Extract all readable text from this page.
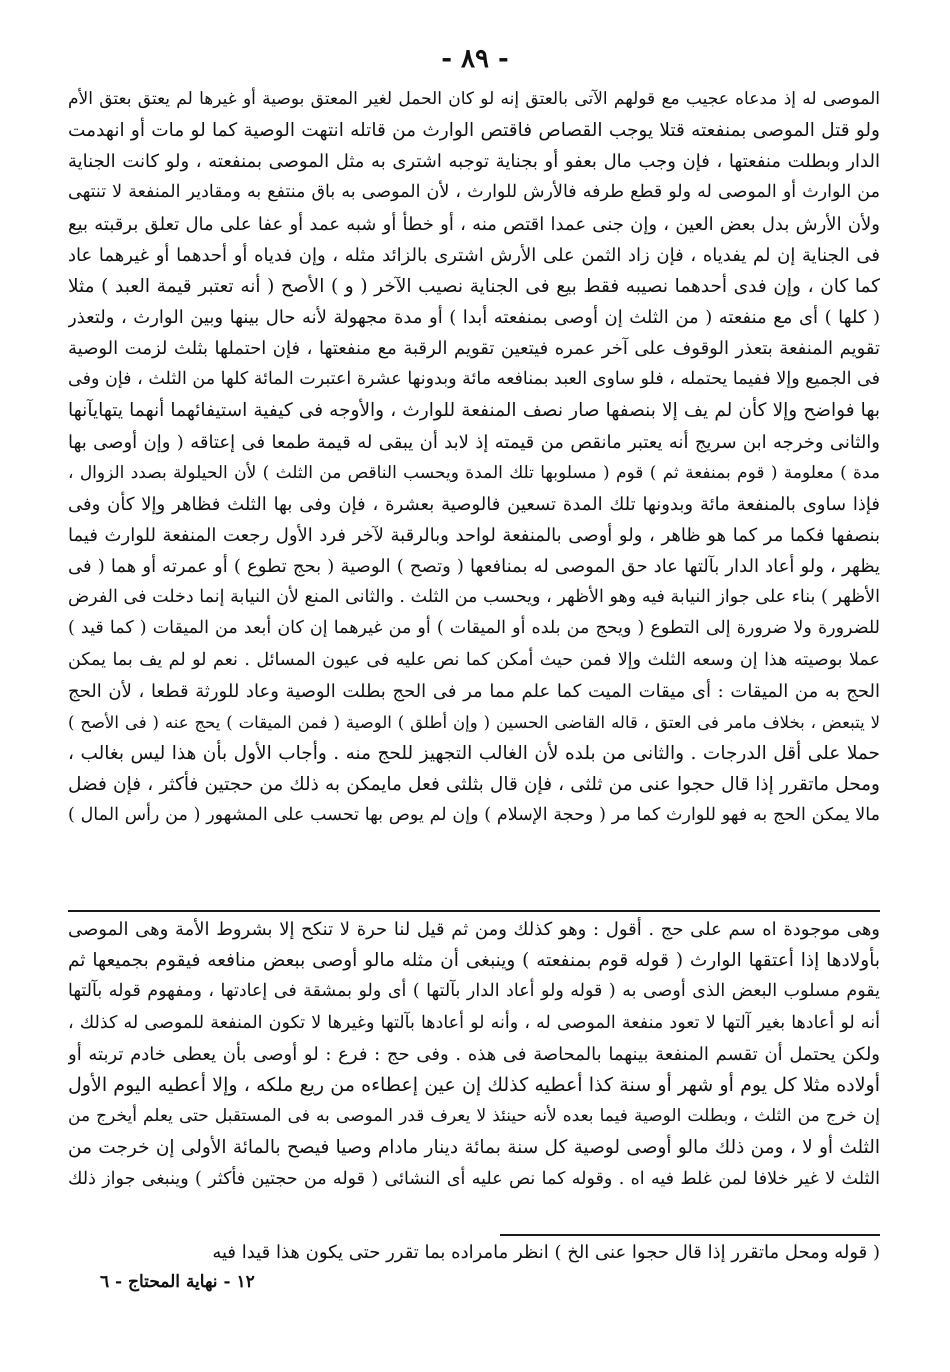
- ٨٩ -
الموصى له إذ مدعاه عجيب مع قولهم الآتى بالعتق إنه لو كان الحمل لغير المعتق بوصية أو غيرها لم يعتق بعتق الأم
ولو قتل الموصى بمنفعته قتلا يوجب القصاص فاقتص الوارث من قاتله انتهت الوصية كما لو مات أو انهدمت
الدار وبطلت منفعتها ، فإن وجب مال بعفو أو بجناية توجبه اشترى به مثل الموصى بمنفعته ، ولو كانت الجناية
من الوارث أو الموصى له ولو قطع طرفه فالأرش للوارث ، لأن الموصى به باق منتفع به ومقادير المنفعة لا تنتهى
ولأن الأرش بدل بعض العين ، وإن جنى عمدا اقتص منه ، أو خطأ أو شبه عمد أو عفا على مال تعلق برقبته بيع
فى الجناية إن لم يفدياه ، فإن زاد الثمن على الأرش اشترى بالزائد مثله ، وإن فدياه أو أحدهما أو غيرهما عاد
كما كان ، وإن فدى أحدهما نصيبه فقط بيع فى الجناية نصيب الآخر ( و ) الأصح ( أنه تعتبر قيمة العبد ) مثلا
( كلها ) أى مع منفعته ( من الثلث إن أوصى بمنفعته أبدا ) أو مدة مجهولة لأنه حال بينها وبين الوارث ، ولتعذر
تقويم المنفعة بتعذر الوقوف على آخر عمره فيتعين تقويم الرقبة مع منفعتها ، فإن احتملها بثلث لزمت الوصية
فى الجميع وإلا ففيما يحتمله ، فلو ساوى العبد بمنافعه مائة وبدونها عشرة اعتبرت المائة كلها من الثلث ، فإن وفى
بها فواضح وإلا كأن لم يف إلا بنصفها صار نصف المنفعة للوارث ، والأوجه فى كيفية استيفائهما أنهما يتهايآنها
والثانى وخرجه ابن سريج أنه يعتبر مانقص من قيمته إذ لابد أن يبقى له قيمة طمعا فى إعتاقه ( وإن أوصى بها
مدة ) معلومة ( قوم بمنفعة ثم ) قوم ( مسلوبها تلك المدة ويحسب الناقص من الثلث ) لأن الحيلولة بصدد الزوال ،
فإذا ساوى بالمنفعة مائة وبدونها تلك المدة تسعين فالوصية بعشرة ، فإن وفى بها الثلث فظاهر وإلا كأن وفى
بنصفها فكما مر كما هو ظاهر ، ولو أوصى بالمنفعة لواحد وبالرقبة لآخر فرد الأول رجعت المنفعة للوارث فيما
يظهر ، ولو أعاد الدار بآلتها عاد حق الموصى له بمنافعها ( وتصح ) الوصية ( بحج تطوع ) أو عمرته أو هما ( فى
الأظهر ) بناء على جواز النيابة فيه وهو الأظهر ، ويحسب من الثلث . والثانى المنع لأن النيابة إنما دخلت فى الفرض
للضرورة ولا ضرورة إلى التطوع ( ويحج من بلده أو الميقات ) أو من غيرهما إن كان أبعد من الميقات ( كما قيد )
عملا بوصيته هذا إن وسعه الثلث وإلا فمن حيث أمكن كما نص عليه فى عيون المسائل . نعم لو لم يف بما يمكن
الحج به من الميقات : أى ميقات الميت كما علم مما مر فى الحج بطلت الوصية وعاد للورثة قطعا ، لأن الحج
لا يتبعض ، بخلاف مامر فى العتق ، قاله القاضى الحسين ( وإن أطلق ) الوصية ( فمن الميقات ) يحج عنه ( فى الأصح )
حملا على أقل الدرجات . والثانى من بلده لأن الغالب التجهيز للحج منه . وأجاب الأول بأن هذا ليس بغالب ،
ومحل ماتقرر إذا قال حجوا عنى من ثلثى ، فإن قال بثلثى فعل مايمكن به ذلك من حجتين فأكثر ، فإن فضل
مالا يمكن الحج به فهو للوارث كما مر ( وحجة الإسلام ) وإن لم يوص بها تحسب على المشهور ( من رأس المال )
وهى موجودة اه سم على حج . أقول : وهو كذلك ومن ثم قيل لنا حرة لا تنكح إلا بشروط الأمة وهى الموصى
بأولادها إذا أعتقها الوارث ( قوله قوم بمنفعته ) وينبغى أن مثله مالو أوصى ببعض منافعه فيقوم بجميعها ثم
يقوم مسلوب البعض الذى أوصى به ( قوله ولو أعاد الدار بآلتها ) أى ولو بمشقة فى إعادتها ، ومفهوم قوله بآلتها
أنه لو أعادها بغير آلتها لا تعود منفعة الموصى له ، وأنه لو أعادها بآلتها وغيرها لا تكون المنفعة للموصى له كذلك ،
ولكن يحتمل أن تقسم المنفعة بينهما بالمحاصة فى هذه . وفى حج : فرع : لو أوصى بأن يعطى خادم تربته أو
أولاده مثلا كل يوم أو شهر أو سنة كذا أعطيه كذلك إن عين إعطاءه من ريع ملكه ، وإلا أعطيه اليوم الأول
إن خرج من الثلث ، وبطلت الوصية فيما بعده لأنه حينئذ لا يعرف قدر الموصى به فى المستقبل حتى يعلم أيخرج من
الثلث أو لا ، ومن ذلك مالو أوصى لوصية كل سنة بمائة دينار مادام وصيا فيصح بالمائة الأولى إن خرجت من
الثلث لا غير خلافا لمن غلط فيه اه . وقوله كما نص عليه أى النشائى ( قوله من حجتين فأكثر ) وينبغى جواز ذلك
( قوله ومحل ماتقرر إذا قال حجوا عنى الخ ) انظر مامراده بما تقرر حتى يكون هذا قيدا فيه
١٢ - نهاية المحتاج - ٦
